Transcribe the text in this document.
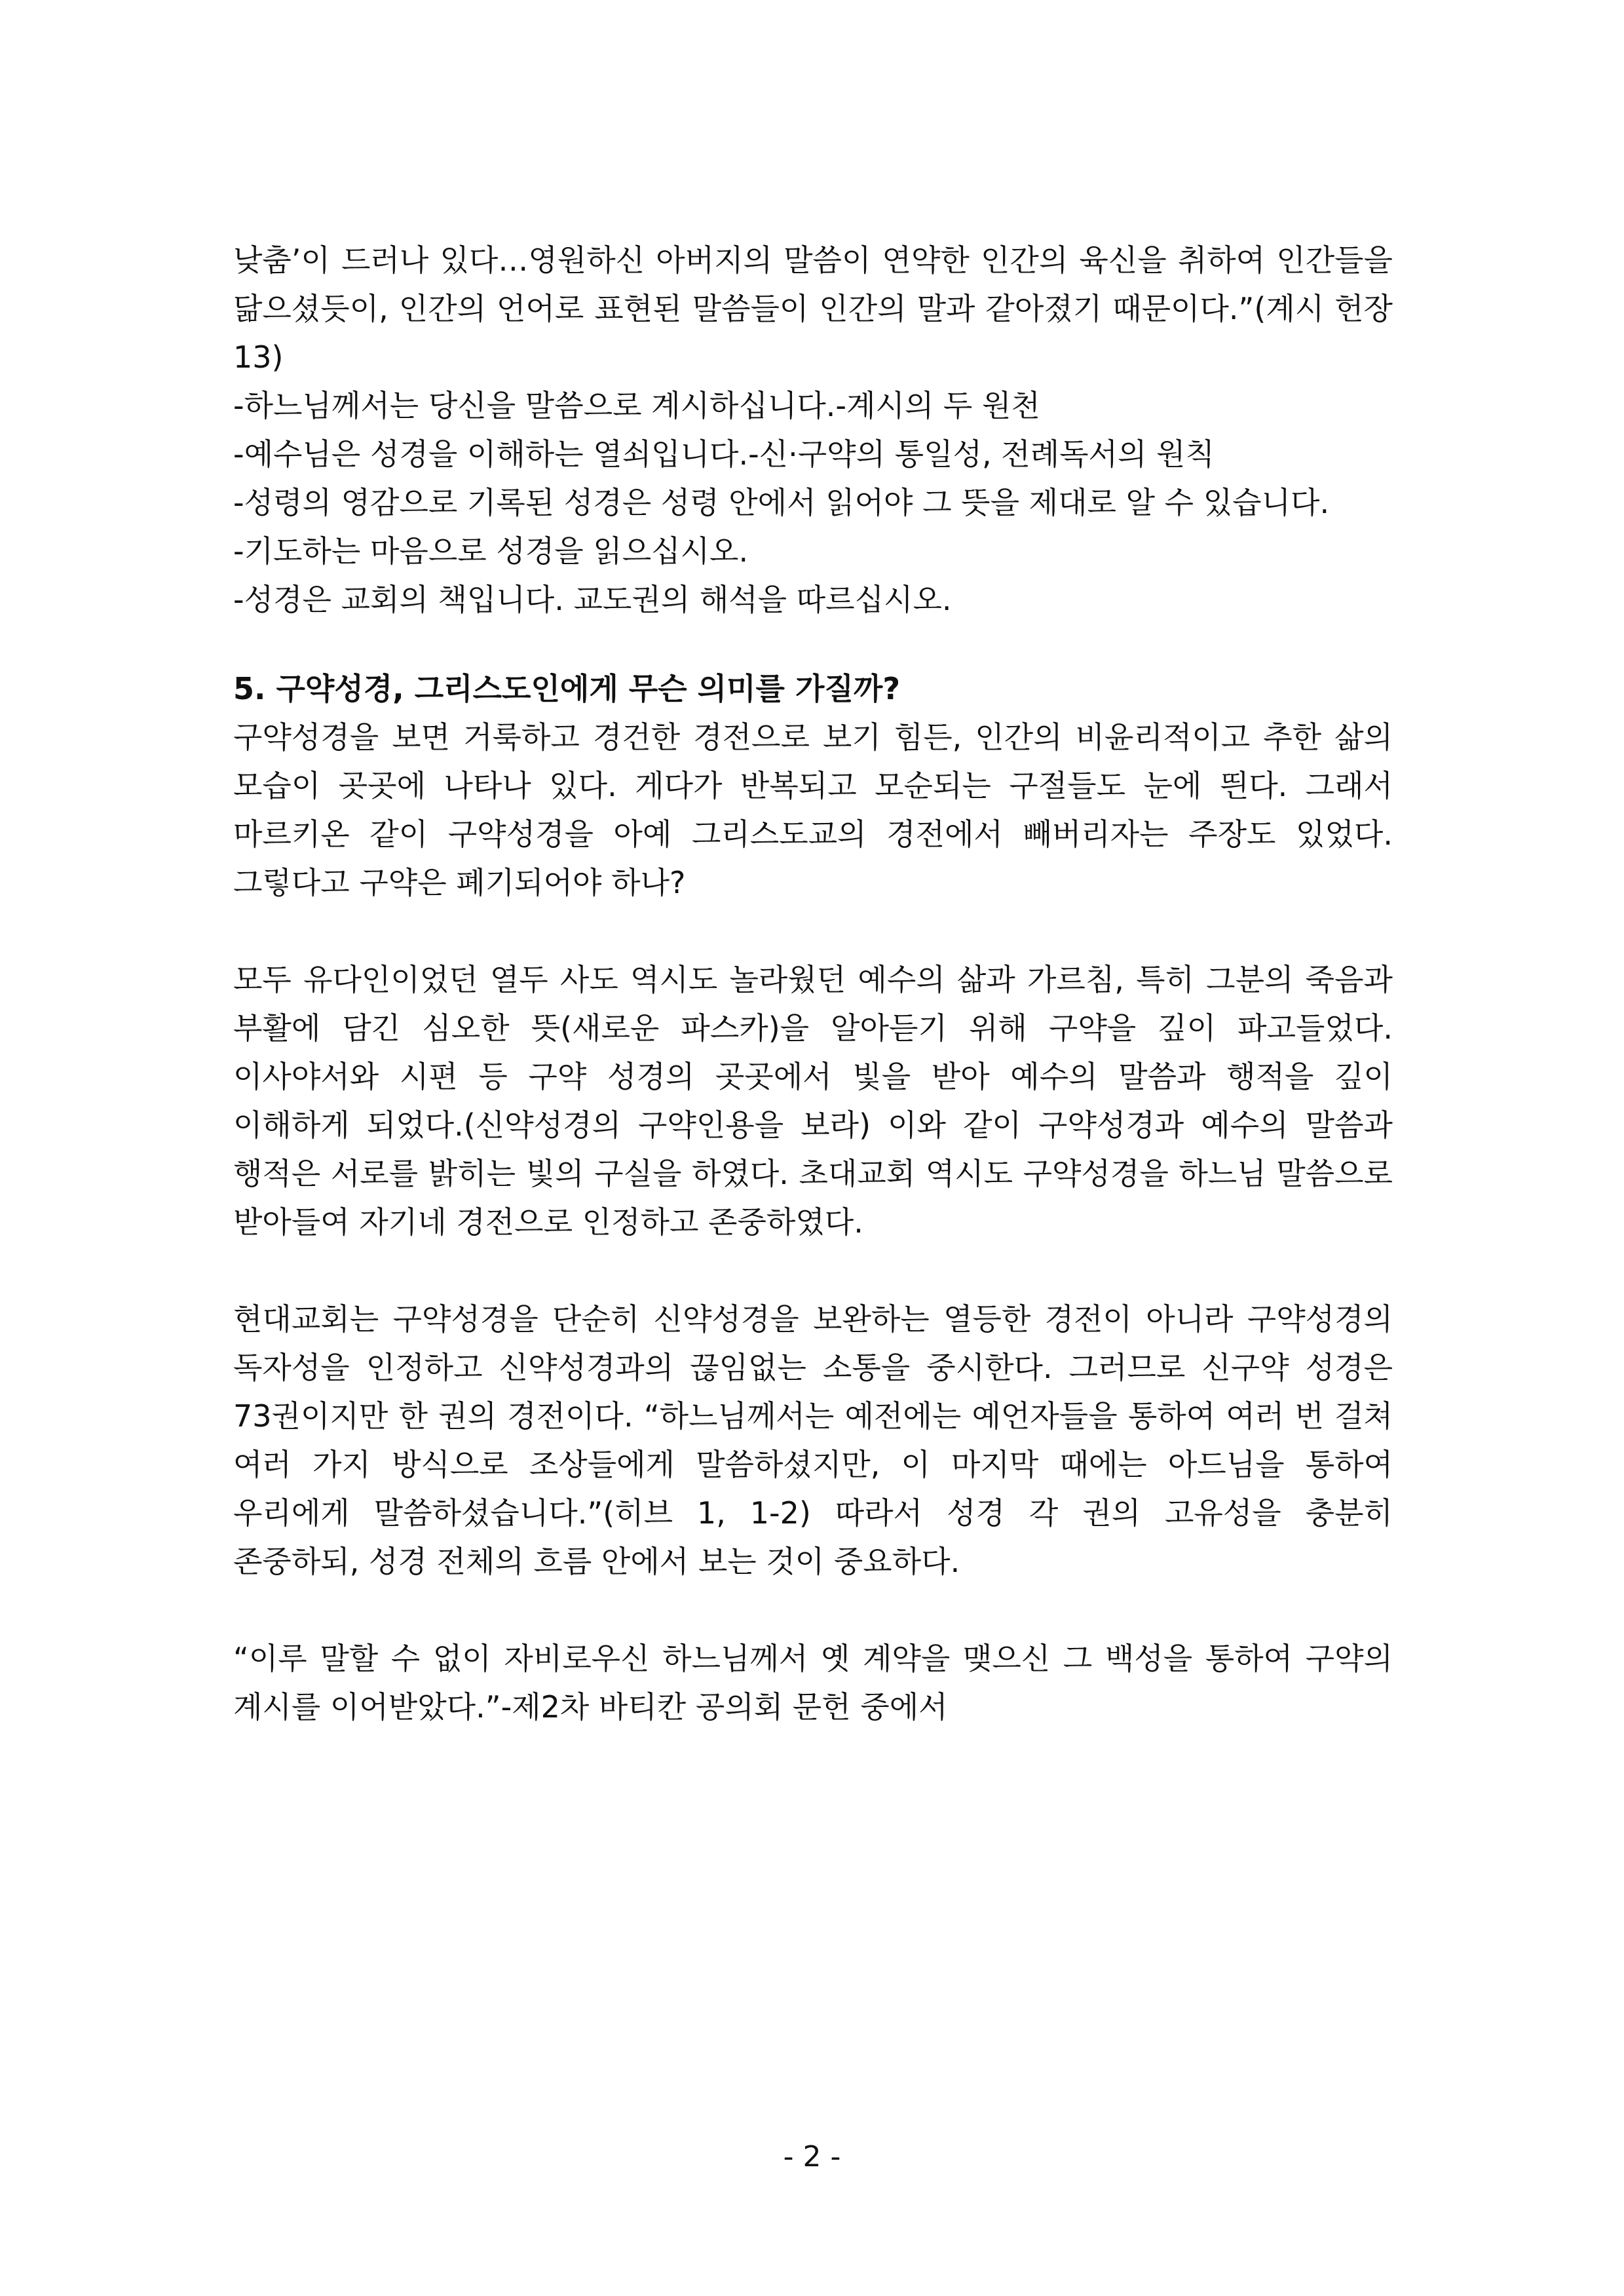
낮춤’이 드러나 있다…영원하신 아버지의 말씀이 연약한 인간의 육신을 취하여 인간들을 닮으셨듯이, 인간의 언어로 표현된 말씀들이 인간의 말과 같아졌기 때문이다.”(계시 헌장 13)

-하느님께서는 당신을 말씀으로 계시하십니다.-계시의 두 원천

-예수님은 성경을 이해하는 열쇠입니다.-신·구약의 통일성, 전례독서의 원칙

-성령의 영감으로 기록된 성경은 성령 안에서 읽어야 그 뜻을 제대로 알 수 있습니다.

-기도하는 마음으로 성경을 읽으십시오.

-성경은 교회의 책입니다. 교도권의 해석을 따르십시오.

5. 구약성경, 그리스도인에게 무슨 의미를 가질까?

구약성경을 보면 거룩하고 경건한 경전으로 보기 힘든, 인간의 비윤리적이고 추한 삶의 모습이 곳곳에 나타나 있다. 게다가 반복되고 모순되는 구절들도 눈에 띈다. 그래서 마르키온 같이 구약성경을 아예 그리스도교의 경전에서 빼버리자는 주장도 있었다. 그렇다고 구약은 폐기되어야 하나?

모두 유다인이었던 열두 사도 역시도 놀라웠던 예수의 삶과 가르침, 특히 그분의 죽음과 부활에 담긴 심오한 뜻(새로운 파스카)을 알아듣기 위해 구약을 깊이 파고들었다. 이사야서와 시편 등 구약 성경의 곳곳에서 빛을 받아 예수의 말씀과 행적을 깊이 이해하게 되었다.(신약성경의 구약인용을 보라) 이와 같이 구약성경과 예수의 말씀과 행적은 서로를 밝히는 빛의 구실을 하였다. 초대교회 역시도 구약성경을 하느님 말씀으로 받아들여 자기네 경전으로 인정하고 존중하였다.

현대교회는 구약성경을 단순히 신약성경을 보완하는 열등한 경전이 아니라 구약성경의 독자성을 인정하고 신약성경과의 끊임없는 소통을 중시한다. 그러므로 신구약 성경은 73권이지만 한 권의 경전이다. “하느님께서는 예전에는 예언자들을 통하여 여러 번 걸쳐 여러 가지 방식으로 조상들에게 말씀하셨지만, 이 마지막 때에는 아드님을 통하여 우리에게 말씀하셨습니다.”(히브 1, 1-2) 따라서 성경 각 권의 고유성을 충분히 존중하되, 성경 전체의 흐름 안에서 보는 것이 중요하다.

“이루 말할 수 없이 자비로우신 하느님께서 옛 계약을 맺으신 그 백성을 통하여 구약의 계시를 이어받았다.”-제2차 바티칸 공의회 문헌 중에서

- 2 -
